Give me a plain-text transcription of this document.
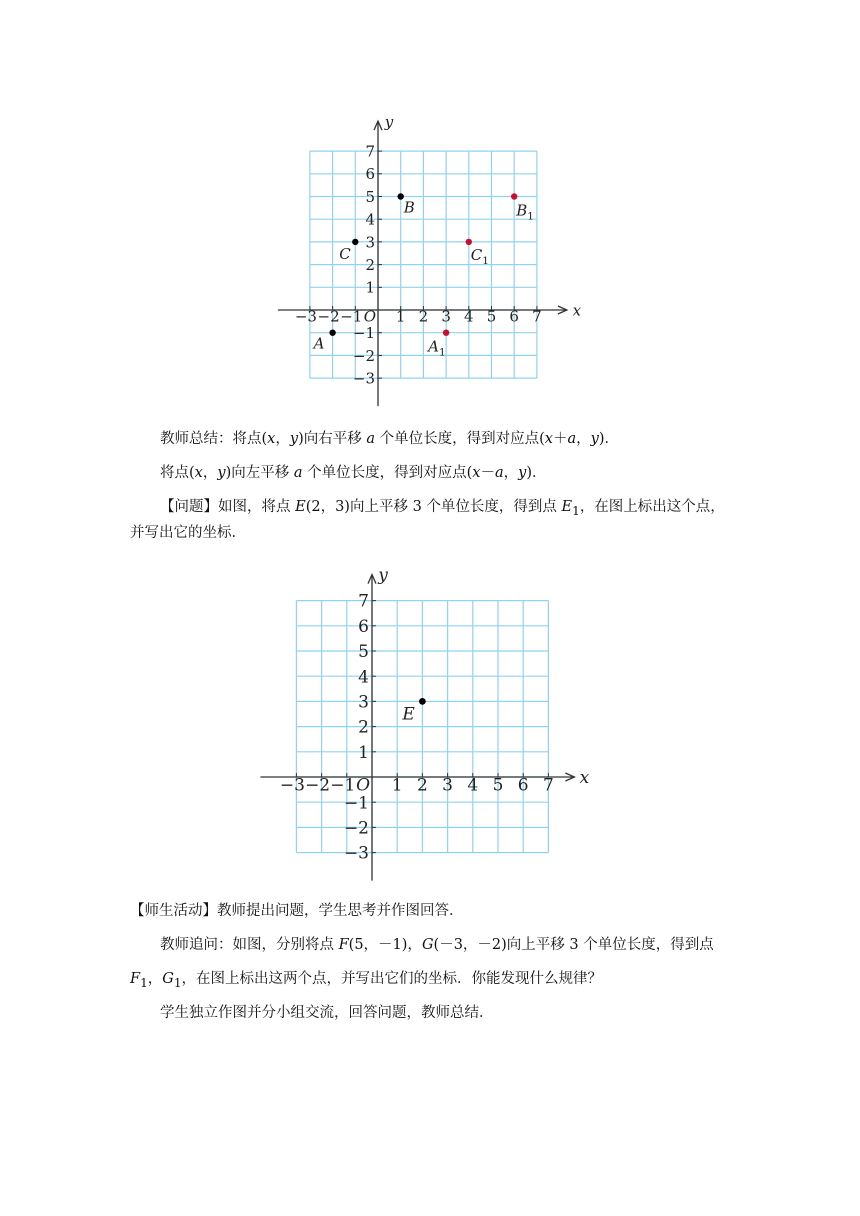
x
y
O
−3 −2 −1 1 2 3 4 5 6 7
7
6
5
4
3
2
1
−1
−2
−3
A
B
C
$A_1$
$B_1$
$C_1$

教师总结：将点(x，y)向右平移 a 个单位长度，得到对应点(x＋a，y)．

将点(x，y)向左平移 a 个单位长度，得到对应点(x－a，y)．

【问题】如图，将点 E(2，3)向上平移 3 个单位长度，得到点 $E_1$，在图上标出这个点，

并写出它的坐标．

x
y
O
−3 −2 −1 1 2 3 4 5 6 7
7
6
5
4
3
2
1
−1
−2
−3
E

【师生活动】教师提出问题，学生思考并作图回答．

教师追问：如图，分别将点 F(5，－1)，G(－3，－2)向上平移 3 个单位长度，得到点

$F_1$，$G_1$，在图上标出这两个点，并写出它们的坐标．你能发现什么规律？

学生独立作图并分小组交流，回答问题，教师总结．
